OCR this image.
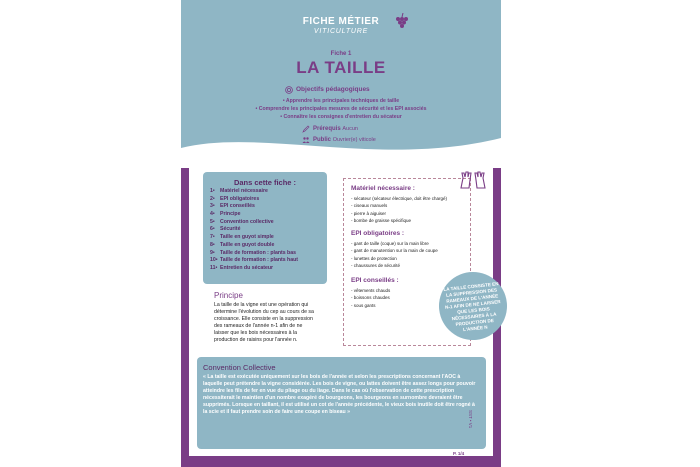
FICHE MÉTIER
VITICULTURE
Fiche 1
LA TAILLE
Objectifs pédagogiques
• Apprendre les principales techniques de taille
• Comprendre les principales mesures de sécurité et les EPI associés
• Connaître les consignes d'entretien du sécateur
Prérequis Aucun
Public Ouvrier(e) viticole
Dans cette fiche :
1• Matériel nécessaire
2• EPI obligatoires
3• EPI conseillés
4• Principe
5• Convention collective
6• Sécurité
7• Taille en guyot simple
8• Taille en guyot double
9• Taille de formation : plants bas
10• Taille de formation : plants haut
11• Entretien du sécateur
Principe
La taille de la vigne est une opération qui détermine l'évolution du cep au cours de sa croissance. Elle consiste en la suppression des rameaux de l'année n-1 afin de ne laisser que les bois nécessaires à la production de raisins pour l'année n.
Matériel nécessaire :
- sécateur (sécateur électrique, doit être chargé)
- ciseaux manuels
- pierre à aiguiser
- bombe de graisse spécifique
EPI obligatoires :
- gant de taille (coque) sur la main libre
- gant de manutention sur la main de coupe
- lunettes de protection
- chaussures de sécurité
EPI conseillés :
- vêtements chauds
- boissons chaudes
- sous gants
LA TAILLE CONSISTE EN LA SUPPRESSION DES RAMEAUX DE L'ANNÉE N-1 AFIN DE NE LAISSER QUE LES BOIS NÉCESSAIRES À LA PRODUCTION DE L'ANNÉE N
Convention Collective
« La taille est exécutée uniquement sur les bois de l'année et selon les prescriptions concernant l'AOC à laquelle peut prétendre la vigne considérée. Les bois de vigne, ou lattes doivent être assez longs pour pouvoir atteindre les fils de fer en vue du pliage ou du liage. Dans le cas où l'observation de cette prescription nécessiterait le maintien d'un nombre exagéré de bourgeons, les bourgeons en surnombre devraient être supprimés. Lorsque en taillant, il est utilisé un cot de l'année précédente, le vieux bois inutile doit être rogné à la scie et il faut prendre soin de faire une coupe en biseau »	SST • V1
P. 1/4
